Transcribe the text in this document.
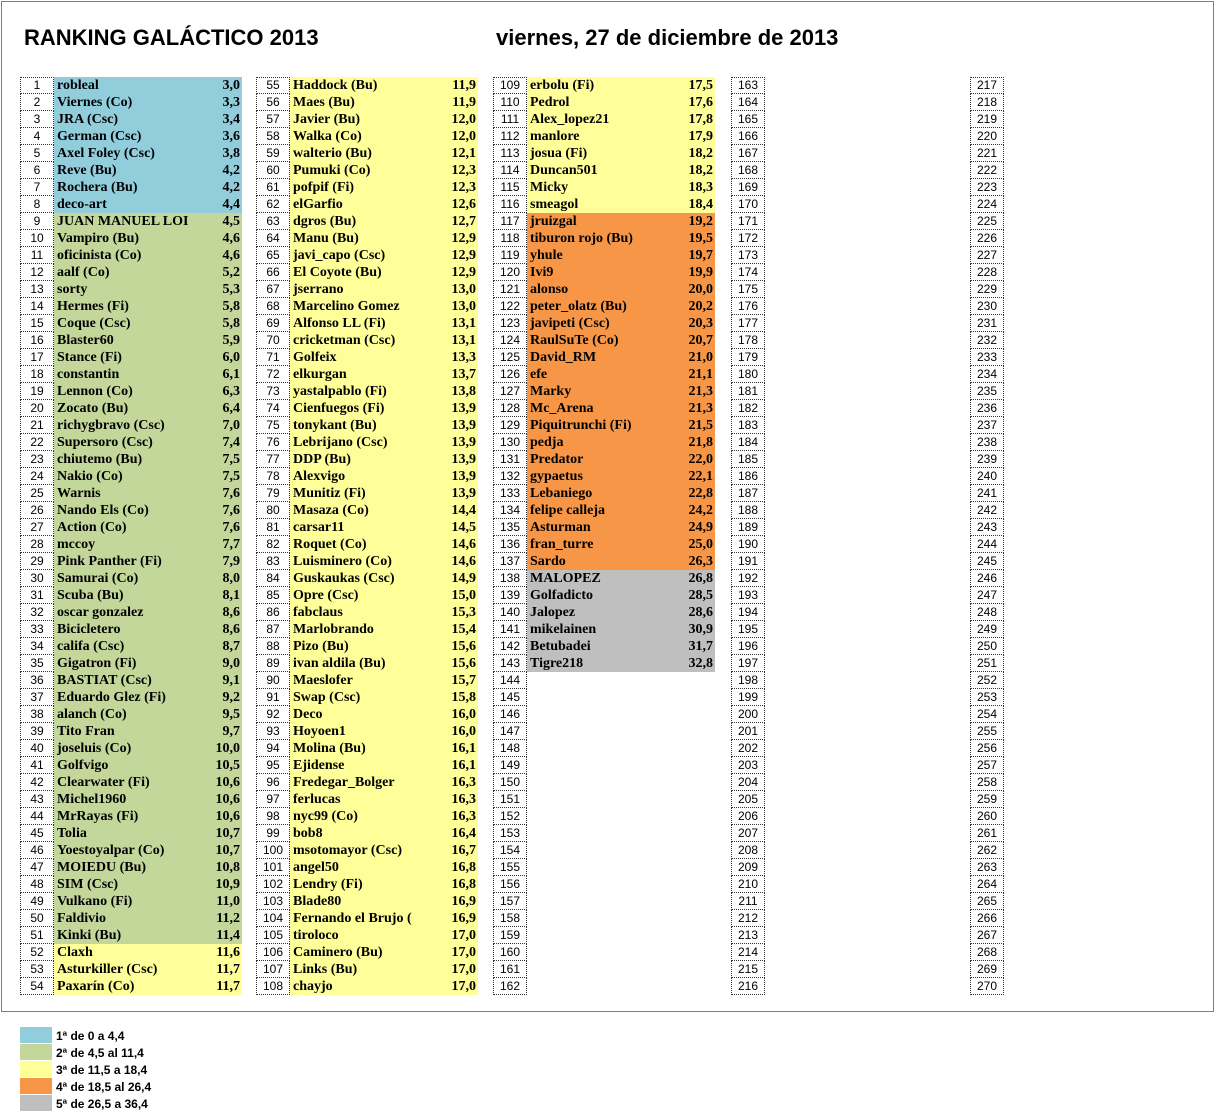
RANKING GALÁCTICO 2013	viernes, 27 de diciembre de 2013
1	robleal	3,0
2	Viernes (Co)	3,3
3	JRA (Csc)	3,4
4	German (Csc)	3,6
5	Axel Foley (Csc)	3,8
6	Reve (Bu)	4,2
7	Rochera (Bu)	4,2
8	deco-art	4,4
9	JUAN MANUEL LOI	4,5
10 Vampiro (Bu)	4,6
11 oficinista (Co)	4,6
12 aalf (Co)	5,2
13 sorty	5,3
14 Hermes (Fi)	5,8
15 Coque (Csc)	5,8
16 Blaster60	5,9
17 Stance (Fi)	6,0
18 constantin	6,1
19 Lennon (Co)	6,3
20 Zocato (Bu)	6,4
21 richygbravo (Csc)	7,0
22 Supersoro (Csc)	7,4
23 chiutemo (Bu)	7,5
24 Nakio (Co)	7,5
25 Warnis	7,6
26 Nando Els (Co)	7,6
27 Action (Co)	7,6
28 mccoy	7,7
29 Pink Panther (Fi)	7,9
30 Samurai (Co)	8,0
31 Scuba (Bu)	8,1
32 oscar gonzalez	8,6
33 Bicicletero	8,6
34 califa (Csc)	8,7
35 Gigatron (Fi)	9,0
36 BASTIAT (Csc)	9,1
37 Eduardo Glez (Fi)	9,2
38 alanch (Co)	9,5
39 Tito Fran	9,7
40 joseluis (Co)	10,0
41 Golfvigo	10,5
42 Clearwater (Fi)	10,6
43 Michel1960	10,6
44 MrRayas (Fi)	10,6
45 Tolia	10,7
46 Yoestoyalpar (Co)	10,7
47 MOIEDU (Bu)	10,8
48 SIM (Csc)	10,9
49 Vulkano (Fi)	11,0
50 Faldivio	11,2
51 Kinki (Bu)	11,4
52 Claxh	11,6
53 Asturkiller (Csc)	11,7
54 Paxarín (Co)	11,7
55 Haddock (Bu)	11,9
56 Maes (Bu)	11,9
57 Javier (Bu)	12,0
58 Walka (Co)	12,0
59 walterio (Bu)	12,1
60 Pumuki (Co)	12,3
61 pofpif (Fi)	12,3
62 elGarfio	12,6
63 dgros (Bu)	12,7
64 Manu (Bu)	12,9
65 javi_capo (Csc)	12,9
66 El Coyote (Bu)	12,9
67 jserrano	13,0
68 Marcelino Gomez	13,0
69 Alfonso LL (Fi)	13,1
70 cricketman (Csc)	13,1
71 Golfeix	13,3
72 elkurgan	13,7
73 yastalpablo (Fi)	13,8
74 Cienfuegos (Fi)	13,9
75 tonykant (Bu)	13,9
76 Lebrijano (Csc)	13,9
77 DDP (Bu)	13,9
78 Alexvigo	13,9
79 Munitiz (Fi)	13,9
80 Masaza (Co)	14,4
81 carsar11	14,5
82 Roquet (Co)	14,6
83 Luisminero (Co)	14,6
84 Guskaukas (Csc)	14,9
85 Opre (Csc)	15,0
86 fabclaus	15,3
87 Marlobrando	15,4
88 Pizo (Bu)	15,6
89 ivan aldila (Bu)	15,6
90 Maeslofer	15,7
91 Swap (Csc)	15,8
92 Deco	16,0
93 Hoyoen1	16,0
94 Molina (Bu)	16,1
95 Ejidense	16,1
96 Fredegar_Bolger	16,3
97 ferlucas	16,3
98 nyc99 (Co)	16,3
99 bob8	16,4
100 msotomayor (Csc)	16,7
101 angel50	16,8
102 Lendry (Fi)	16,8
103 Blade80	16,9
104 Fernando el Brujo (	16,9
105 tiroloco	17,0
106 Caminero (Bu)	17,0
107 Links (Bu)	17,0
108 chayjo	17,0
109 erbolu (Fi)	17,5
110 Pedrol	17,6
111 Alex_lopez21	17,8
112 manlore	17,9
113 josua (Fi)	18,2
114 Duncan501	18,2
115 Micky	18,3
116 smeagol	18,4
117 jruizgal	19,2
118 tiburon rojo (Bu)	19,5
119 yhule	19,7
120 Ivi9	19,9
121 alonso	20,0
122 peter_olatz (Bu)	20,2
123 javipeti (Csc)	20,3
124 RaulSuTe (Co)	20,7
125 David_RM	21,0
126 efe	21,1
127 Marky	21,3
128 Mc_Arena	21,3
129 Piquitrunchi (Fi)	21,5
130 pedja	21,8
131 Predator	22,0
132 gypaetus	22,1
133 Lebaniego	22,8
134 felipe calleja	24,2
135 Asturman	24,9
136 fran_turre	25,0
137 Sardo	26,3
138 MALOPEZ	26,8
139 Golfadicto	28,5
140 Jalopez	28,6
141 mikelainen	30,9
142 Betubadei	31,7
143 Tigre218	32,8
144
145
146
147
148
149
150
151
152
153
154
155
156
157
158
159
160
161
162
163
164
165
166
167
168
169
170
171
172
173
174
175
176
177
178
179
180
181
182
183
184
185
186
187
188
189
190
191
192
193
194
195
196
197
198
199
200
201
202
203
204
205
206
207
208
209
210
211
212
213
214
215
216
217
218
219
220
221
222
223
224
225
226
227
228
229
230
231
232
233
234
235
236
237
238
239
240
241
242
243
244
245
246
247
248
249
250
251
252
253
254
255
256
257
258
259
260
261
262
263
264
265
266
267
268
269
270
1ª de 0 a 4,4
2ª de 4,5 al 11,4
3ª de 11,5 a 18,4
4ª de 18,5 al 26,4
5ª de 26,5 a 36,4
